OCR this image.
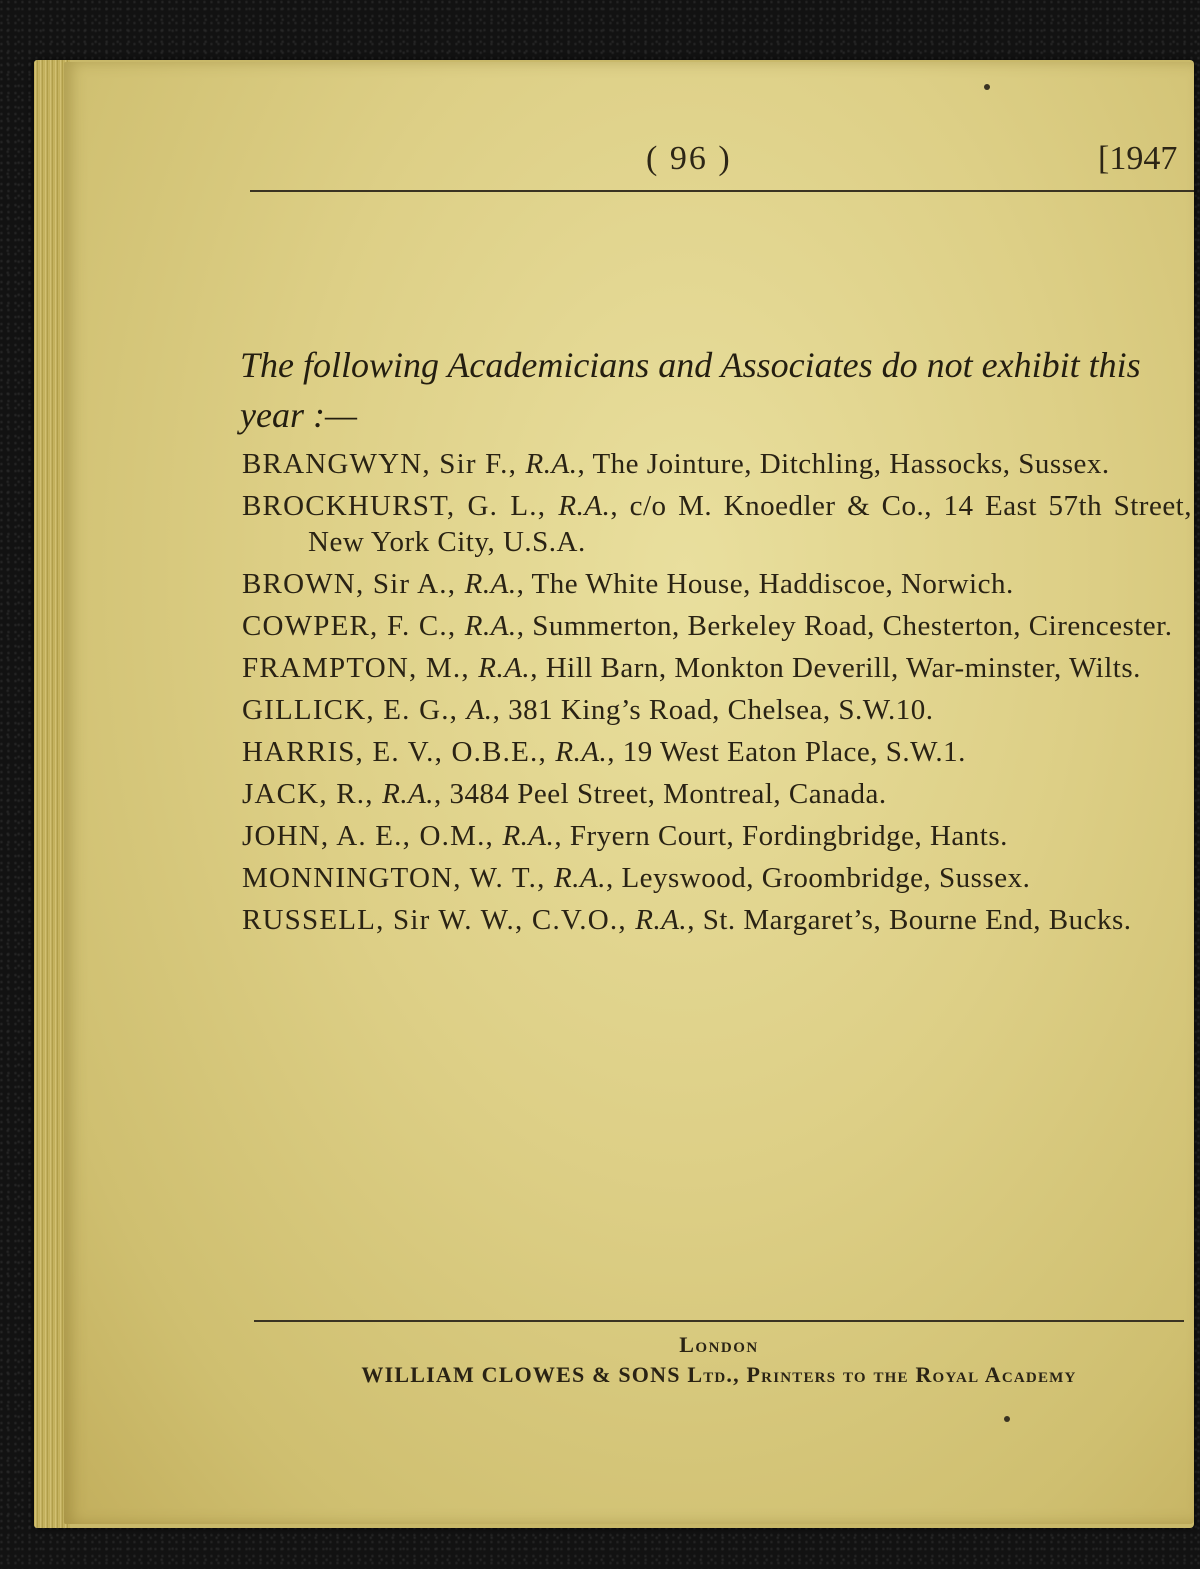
( 96 )	[1947
The following Academicians and Associates do not exhibit this year :—
BRANGWYN, Sir F., R.A., The Jointure, Ditchling, Hassocks, Sussex.
BROCKHURST, G. L., R.A., c/o M. Knoedler & Co., 14 East 57th Street, New York City, U.S.A.
BROWN, Sir A., R.A., The White House, Haddiscoe, Norwich.
COWPER, F. C., R.A., Summerton, Berkeley Road, Chesterton, Cirencester.
FRAMPTON, M., R.A., Hill Barn, Monkton Deverill, War-minster, Wilts.
GILLICK, E. G., A., 381 King’s Road, Chelsea, S.W.10.
HARRIS, E. V., O.B.E., R.A., 19 West Eaton Place, S.W.1.
JACK, R., R.A., 3484 Peel Street, Montreal, Canada.
JOHN, A. E., O.M., R.A., Fryern Court, Fordingbridge, Hants.
MONNINGTON, W. T., R.A., Leyswood, Groombridge, Sussex.
RUSSELL, Sir W. W., C.V.O., R.A., St. Margaret’s, Bourne End, Bucks.
London
WILLIAM CLOWES & SONS Ltd., Printers to the Royal Academy
